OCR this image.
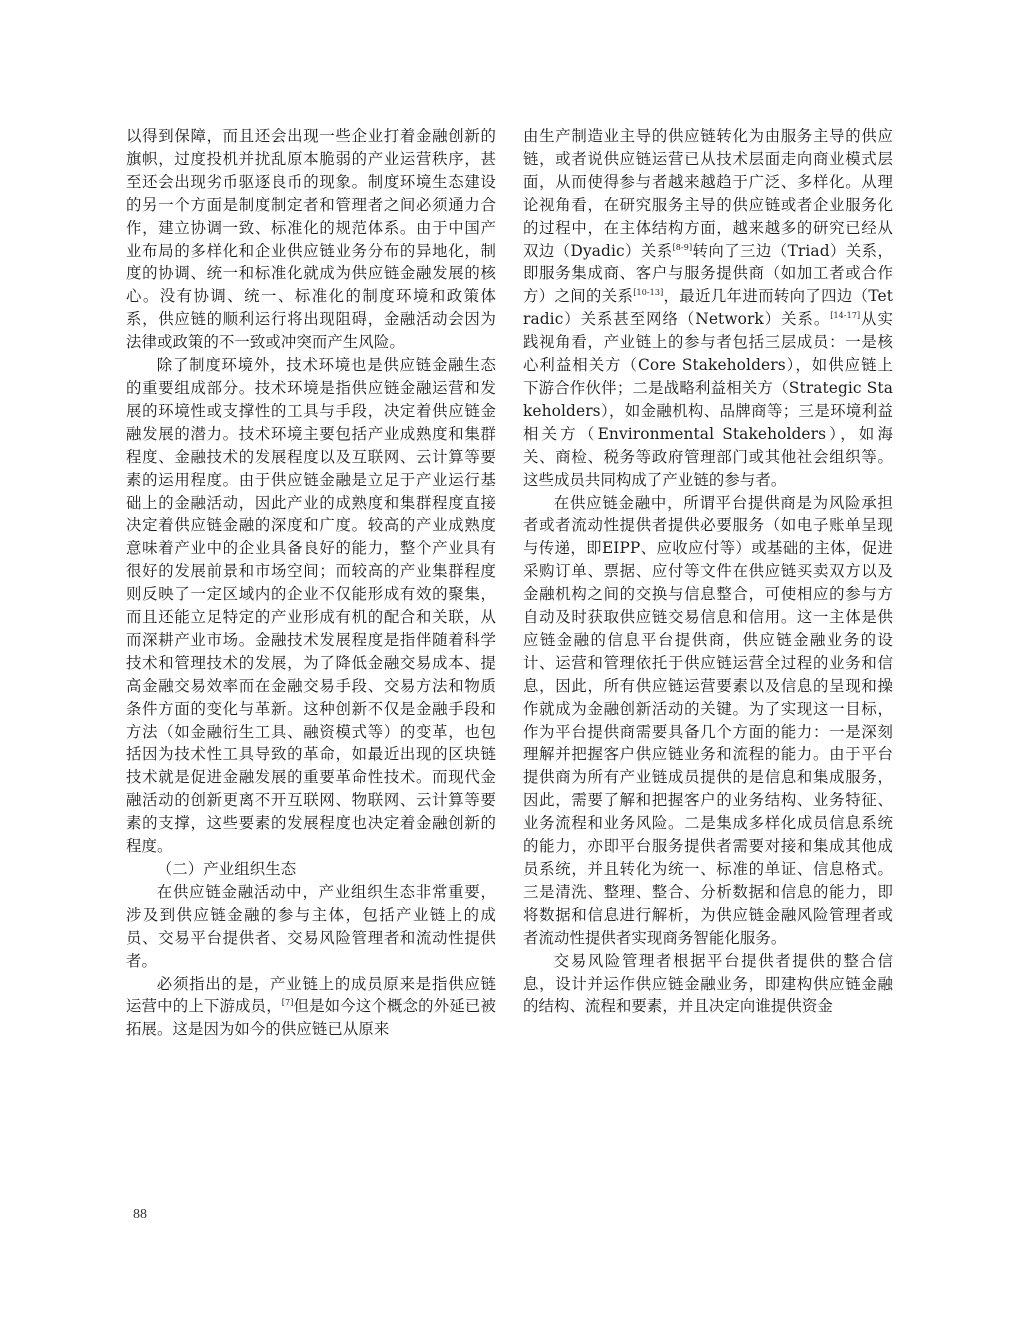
以得到保障，而且还会出现一些企业打着金融创新的旗帜，过度投机并扰乱原本脆弱的产业运营秩序，甚至还会出现劣币驱逐良币的现象。制度环境生态建设的另一个方面是制度制定者和管理者之间必须通力合作，建立协调一致、标准化的规范体系。由于中国产业布局的多样化和企业供应链业务分布的异地化，制度的协调、统一和标准化就成为供应链金融发展的核心。没有协调、统一、标准化的制度环境和政策体系，供应链的顺利运行将出现阻碍，金融活动会因为法律或政策的不一致或冲突而产生风险。

除了制度环境外，技术环境也是供应链金融生态的重要组成部分。技术环境是指供应链金融运营和发展的环境性或支撑性的工具与手段，决定着供应链金融发展的潜力。技术环境主要包括产业成熟度和集群程度、金融技术的发展程度以及互联网、云计算等要素的运用程度。由于供应链金融是立足于产业运行基础上的金融活动，因此产业的成熟度和集群程度直接决定着供应链金融的深度和广度。较高的产业成熟度意味着产业中的企业具备良好的能力，整个产业具有很好的发展前景和市场空间；而较高的产业集群程度则反映了一定区域内的企业不仅能形成有效的聚集，而且还能立足特定的产业形成有机的配合和关联，从而深耕产业市场。金融技术发展程度是指伴随着科学技术和管理技术的发展，为了降低金融交易成本、提高金融交易效率而在金融交易手段、交易方法和物质条件方面的变化与革新。这种创新不仅是金融手段和方法（如金融衍生工具、融资模式等）的变革，也包括因为技术性工具导致的革命，如最近出现的区块链技术就是促进金融发展的重要革命性技术。而现代金融活动的创新更离不开互联网、物联网、云计算等要素的支撑，这些要素的发展程度也决定着金融创新的程度。

（二）产业组织生态

在供应链金融活动中，产业组织生态非常重要，涉及到供应链金融的参与主体，包括产业链上的成员、交易平台提供者、交易风险管理者和流动性提供者。

必须指出的是，产业链上的成员原来是指供应链运营中的上下游成员，[7]但是如今这个概念的外延已被拓展。这是因为如今的供应链已从原来

由生产制造业主导的供应链转化为由服务主导的供应链，或者说供应链运营已从技术层面走向商业模式层面，从而使得参与者越来越趋于广泛、多样化。从理论视角看，在研究服务主导的供应链或者企业服务化的过程中，在主体结构方面，越来越多的研究已经从双边（Dyadic）关系[8-9]转向了三边（Triad）关系，即服务集成商、客户与服务提供商（如加工者或合作方）之间的关系[10-13]，最近几年进而转向了四边（Tetradic）关系甚至网络（Network）关系。[14-17]从实践视角看，产业链上的参与者包括三层成员：一是核心利益相关方（Core Stakeholders），如供应链上下游合作伙伴；二是战略利益相关方（Strategic Stakeholders），如金融机构、品牌商等；三是环境利益相关方（Environmental Stakeholders），如海关、商检、税务等政府管理部门或其他社会组织等。这些成员共同构成了产业链的参与者。

在供应链金融中，所谓平台提供商是为风险承担者或者流动性提供者提供必要服务（如电子账单呈现与传递，即EIPP、应收应付等）或基础的主体，促进采购订单、票据、应付等文件在供应链买卖双方以及金融机构之间的交换与信息整合，可使相应的参与方自动及时获取供应链交易信息和信用。这一主体是供应链金融的信息平台提供商，供应链金融业务的设计、运营和管理依托于供应链运营全过程的业务和信息，因此，所有供应链运营要素以及信息的呈现和操作就成为金融创新活动的关键。为了实现这一目标，作为平台提供商需要具备几个方面的能力：一是深刻理解并把握客户供应链业务和流程的能力。由于平台提供商为所有产业链成员提供的是信息和集成服务，因此，需要了解和把握客户的业务结构、业务特征、业务流程和业务风险。二是集成多样化成员信息系统的能力，亦即平台服务提供者需要对接和集成其他成员系统，并且转化为统一、标准的单证、信息格式。三是清洗、整理、整合、分析数据和信息的能力，即将数据和信息进行解析，为供应链金融风险管理者或者流动性提供者实现商务智能化服务。

交易风险管理者根据平台提供者提供的整合信息，设计并运作供应链金融业务，即建构供应链金融的结构、流程和要素，并且决定向谁提供资金

88
